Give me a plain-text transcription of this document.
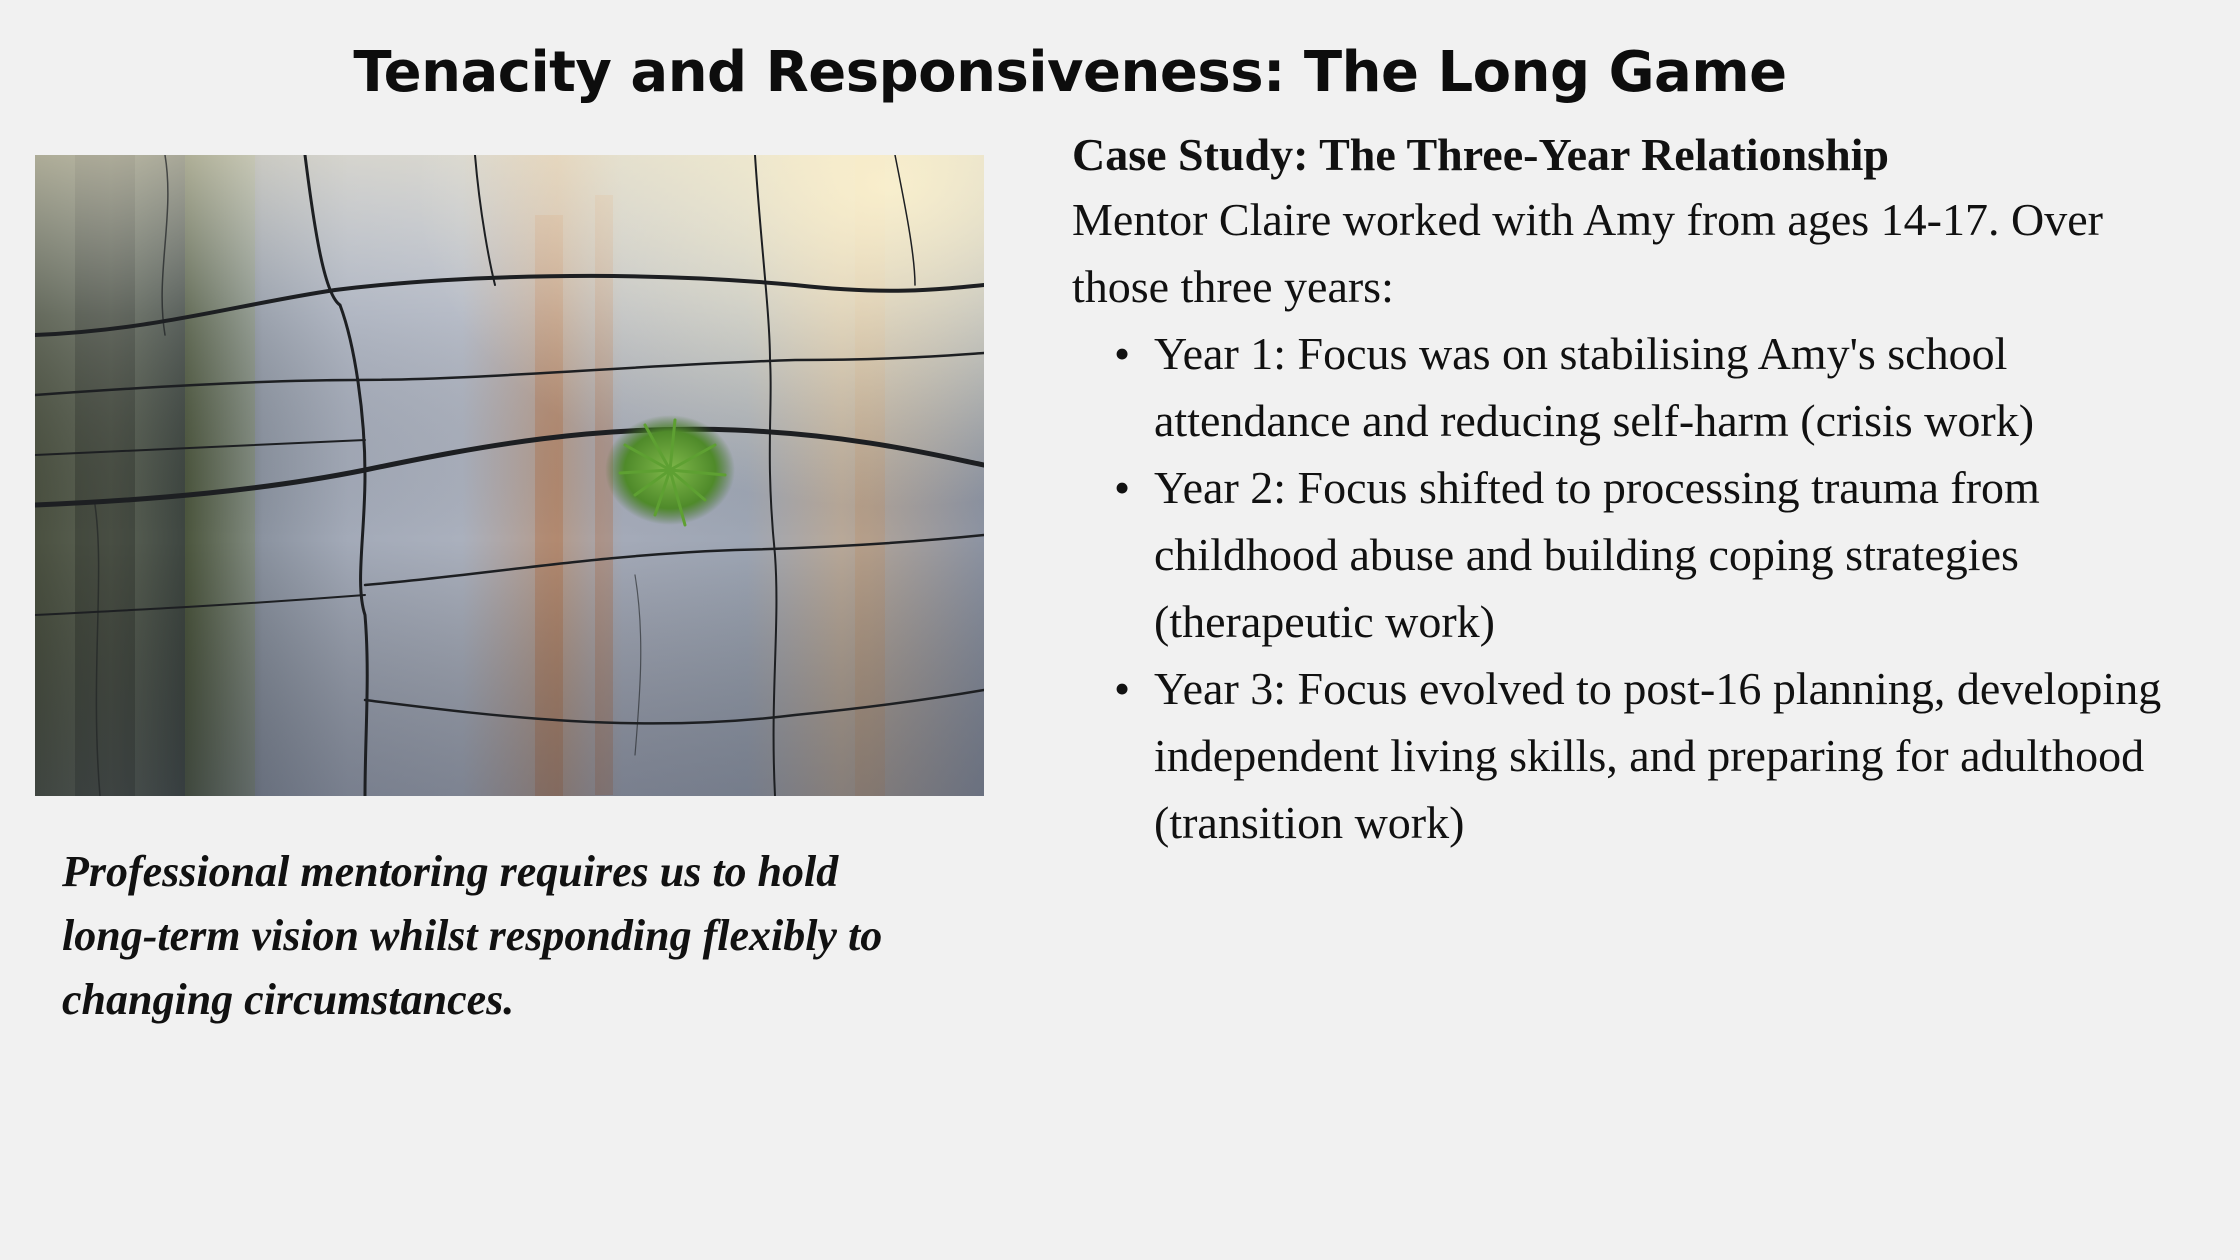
Tenacity and Responsiveness: The Long Game
Professional mentoring requires us to hold long-term vision whilst responding flexibly to changing circumstances.
Case Study: The Three-Year Relationship
Mentor Claire worked with Amy from ages 14-17. Over those three years:
• Year 1: Focus was on stabilising Amy's school attendance and reducing self-harm (crisis work)
• Year 2: Focus shifted to processing trauma from childhood abuse and building coping strategies (therapeutic work)
• Year 3: Focus evolved to post-16 planning, developing independent living skills, and preparing for adulthood (transition work)
